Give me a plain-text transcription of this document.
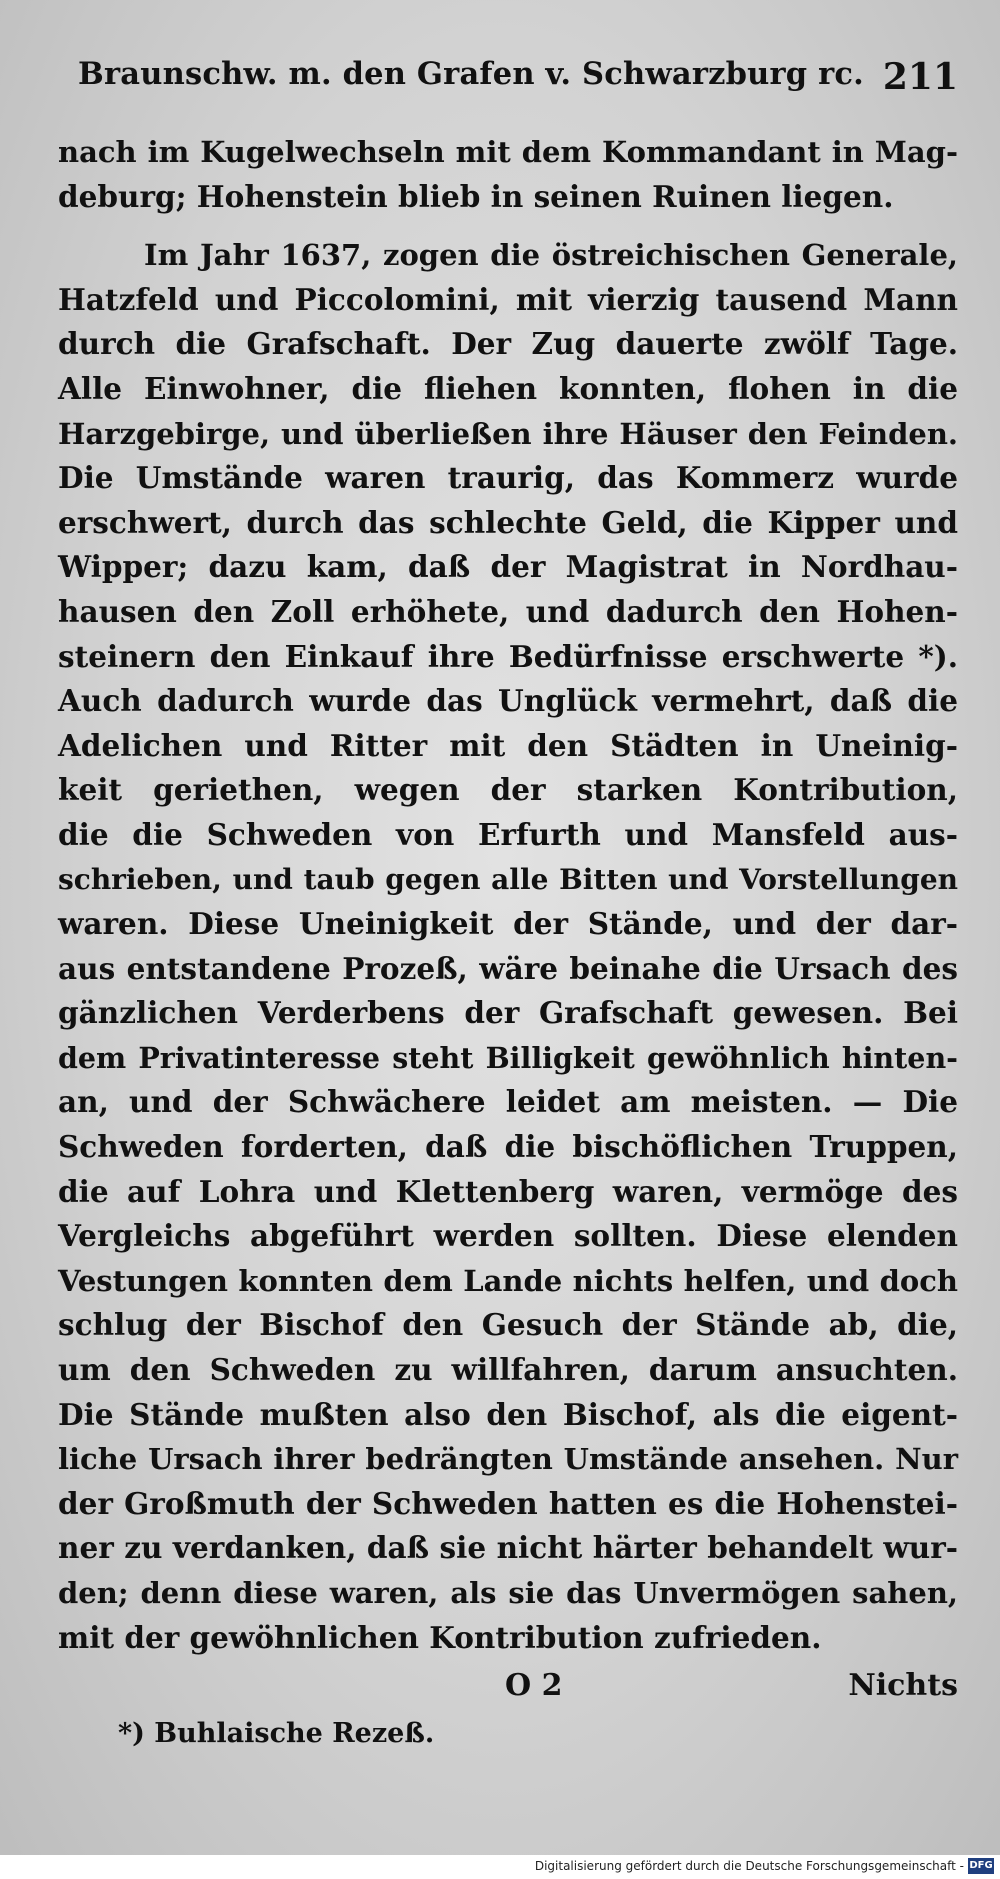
Braunschw. m. den Grafen v. Schwarzburg rc. 211
nach im Kugelwechseln mit dem Kommandant in Mag-
deburg; Hohenstein blieb in seinen Ruinen liegen.
Im Jahr 1637, zogen die östreichischen Generale,
Hatzfeld und Piccolomini, mit vierzig tausend Mann
durch die Grafschaft. Der Zug dauerte zwölf Tage.
Alle Einwohner, die fliehen konnten, flohen in die
Harzgebirge, und überließen ihre Häuser den Feinden.
Die Umstände waren traurig, das Kommerz wurde
erschwert, durch das schlechte Geld, die Kipper und
Wipper; dazu kam, daß der Magistrat in Nordhau-
hausen den Zoll erhöhete, und dadurch den Hohen-
steinern den Einkauf ihre Bedürfnisse erschwerte *).
Auch dadurch wurde das Unglück vermehrt, daß die
Adelichen und Ritter mit den Städten in Uneinig-
keit geriethen, wegen der starken Kontribution,
die die Schweden von Erfurth und Mansfeld aus-
schrieben, und taub gegen alle Bitten und Vorstellungen
waren. Diese Uneinigkeit der Stände, und der dar-
aus entstandene Prozeß, wäre beinahe die Ursach des
gänzlichen Verderbens der Grafschaft gewesen. Bei
dem Privatinteresse steht Billigkeit gewöhnlich hinten-
an, und der Schwächere leidet am meisten. — Die
Schweden forderten, daß die bischöflichen Truppen,
die auf Lohra und Klettenberg waren, vermöge des
Vergleichs abgeführt werden sollten. Diese elenden
Vestungen konnten dem Lande nichts helfen, und doch
schlug der Bischof den Gesuch der Stände ab, die,
um den Schweden zu willfahren, darum ansuchten.
Die Stände mußten also den Bischof, als die eigent-
liche Ursach ihrer bedrängten Umstände ansehen. Nur
der Großmuth der Schweden hatten es die Hohenstei-
ner zu verdanken, daß sie nicht härter behandelt wur-
den; denn diese waren, als sie das Unvermögen sahen,
mit der gewöhnlichen Kontribution zufrieden.
O 2	Nichts
*) Buhlaische Rezeß.
Digitalisierung gefördert durch die Deutsche Forschungsgemeinschaft - DFG
